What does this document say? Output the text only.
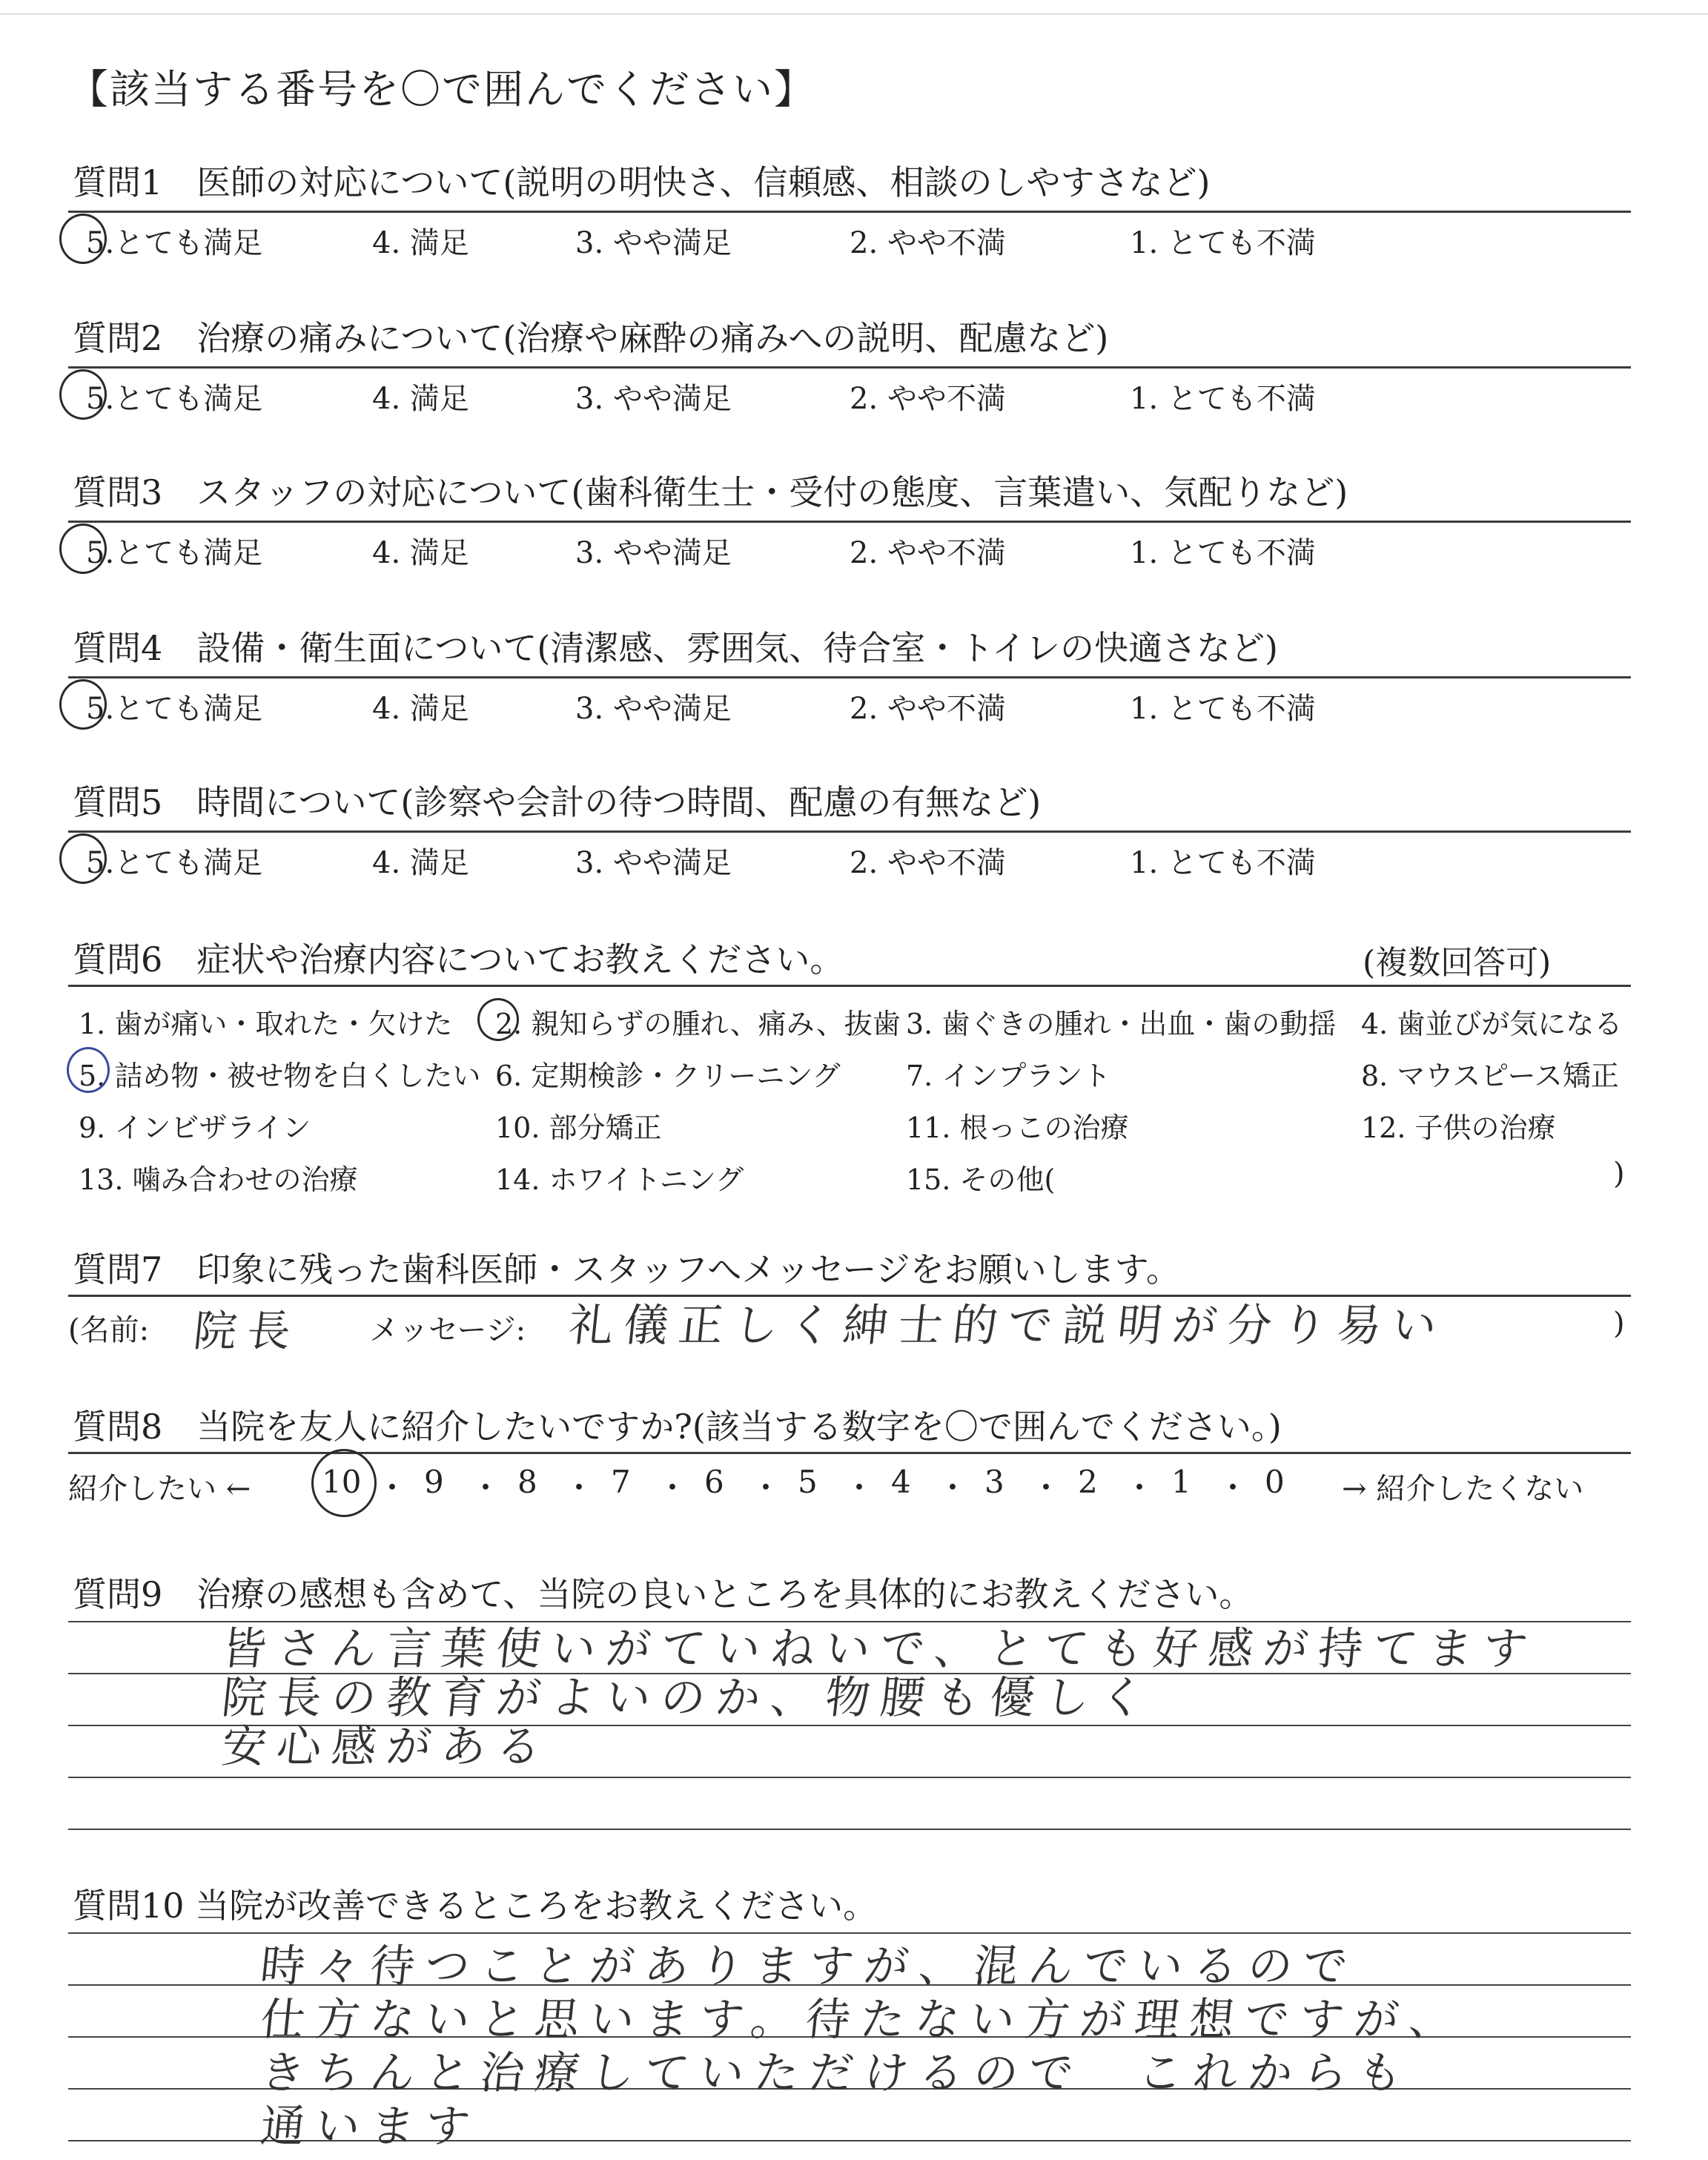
【該当する番号を〇で囲んでください】
質問1　医師の対応について(説明の明快さ、信頼感、相談のしやすさなど)
5.とても満足	4. 満足	3. やや満足	2. やや不満	1. とても不満
質問2　治療の痛みについて(治療や麻酔の痛みへの説明、配慮など)
5.とても満足	4. 満足	3. やや満足	2. やや不満	1. とても不満
質問3　スタッフの対応について(歯科衛生士・受付の態度、言葉遣い、気配りなど)
5.とても満足	4. 満足	3. やや満足	2. やや不満	1. とても不満
質問4　設備・衛生面について(清潔感、雰囲気、待合室・トイレの快適さなど)
5.とても満足	4. 満足	3. やや満足	2. やや不満	1. とても不満
質問5　時間について(診察や会計の待つ時間、配慮の有無など)
5.とても満足	4. 満足	3. やや満足	2. やや不満	1. とても不満
質問6　症状や治療内容についてお教えください。	(複数回答可)
1. 歯が痛い・取れた・欠けた 2. 親知らずの腫れ、痛み、抜歯 3. 歯ぐきの腫れ・出血・歯の動揺 4. 歯並びが気になる
5. 詰め物・被せ物を白くしたい 6. 定期検診・クリーニング 7. インプラント	8. マウスピース矯正
9. インビザライン	10. 部分矯正	11. 根っこの治療	12. 子供の治療
13. 噛み合わせの治療	14. ホワイトニング	15. その他(	)
質問7　印象に残った歯科医師・スタッフへメッセージをお願いします。
(名前: 院長 メッセージ: 礼儀正しく紳士的で説明が分り易い	)
質問8　当院を友人に紹介したいですか?(該当する数字を〇で囲んでください。)
紹介したい ← 10 ・ 9 ・ 8 ・ 7 ・ 6 ・ 5 ・ 4 ・ 3 ・ 2 ・ 1 ・ 0 → 紹介したくない
質問9　治療の感想も含めて、当院の良いところを具体的にお教えください。
皆さん言葉使いがていねいで、とても好感が持てます
院長の教育がよいのか、物腰も優しく
安心感がある
質問10 当院が改善できるところをお教えください。
時々待つことがありますが、混んでいるので
仕方ないと思います。待たない方が理想ですが、
きちんと治療していただけるので　これからも
通います
